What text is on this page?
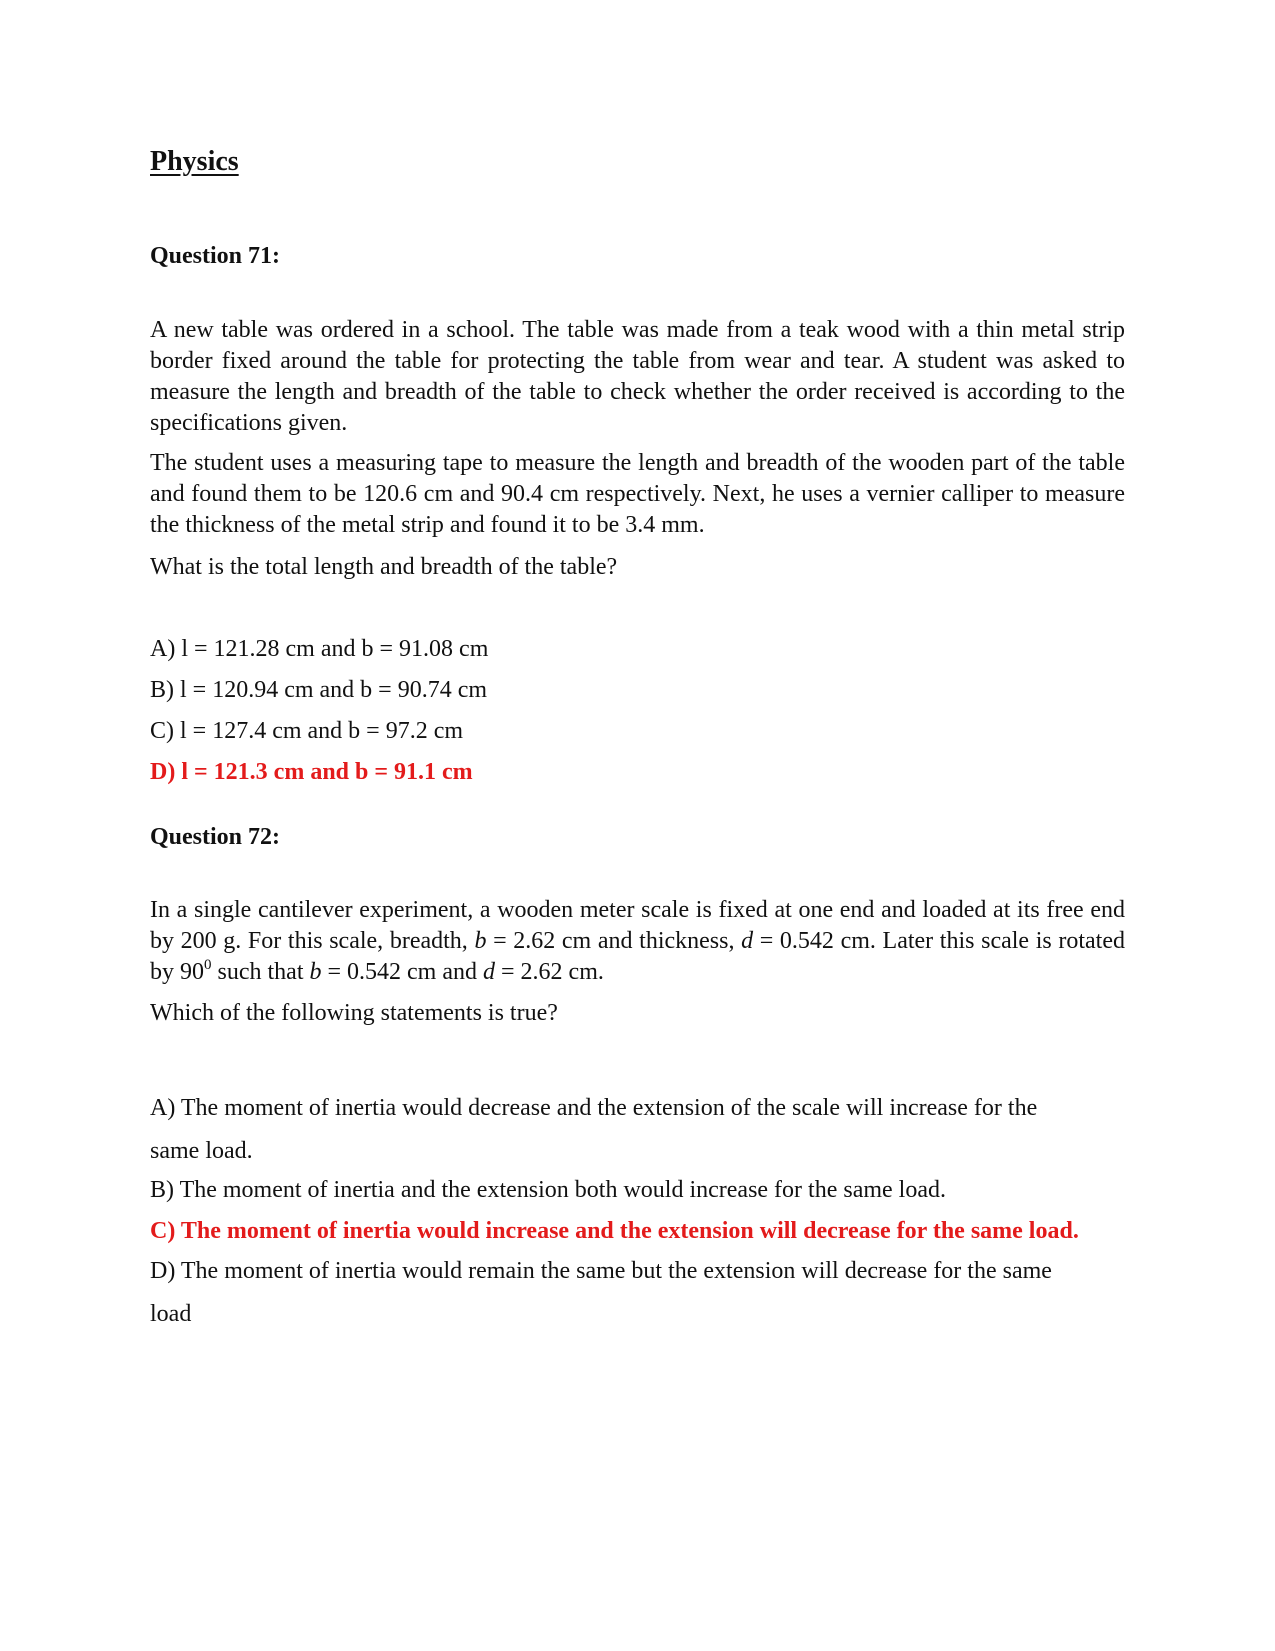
Physics
Question 71:

A new table was ordered in a school. The table was made from a teak wood with a thin metal strip border fixed around the table for protecting the table from wear and tear. A student was asked to measure the length and breadth of the table to check whether the order received is according to the specifications given.

The student uses a measuring tape to measure the length and breadth of the wooden part of the table and found them to be 120.6 cm and 90.4 cm respectively. Next, he uses a vernier calliper to measure the thickness of the metal strip and found it to be 3.4 mm.

What is the total length and breadth of the table?

A) l = 121.28 cm and b = 91.08 cm

B) l = 120.94 cm and b = 90.74 cm

C) l = 127.4 cm and b = 97.2 cm

D) l = 121.3 cm and b = 91.1 cm

Question 72:

In a single cantilever experiment, a wooden meter scale is fixed at one end and loaded at its free end by 200 g. For this scale, breadth, b = 2.62 cm and thickness, d = 0.542 cm. Later this scale is rotated by $90^0$ such that b = 0.542 cm and d = 2.62 cm.

Which of the following statements is true?

A) The moment of inertia would decrease and the extension of the scale will increase for the same load.

B) The moment of inertia and the extension both would increase for the same load.

C) The moment of inertia would increase and the extension will decrease for the same load.

D) The moment of inertia would remain the same but the extension will decrease for the same load
